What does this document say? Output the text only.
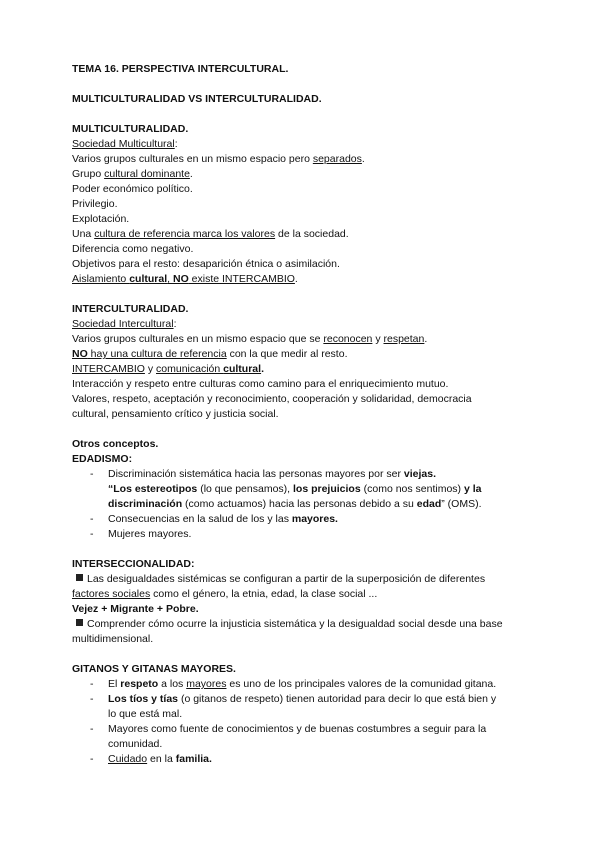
TEMA 16. PERSPECTIVA INTERCULTURAL.
MULTICULTURALIDAD VS INTERCULTURALIDAD.
MULTICULTURALIDAD.
Sociedad Multicultural:
Varios grupos culturales en un mismo espacio pero separados.
Grupo cultural dominante.
Poder económico político.
Privilegio.
Explotación.
Una cultura de referencia marca los valores de la sociedad.
Diferencia como negativo.
Objetivos para el resto: desaparición étnica o asimilación.
Aislamiento cultural, NO existe INTERCAMBIO.
INTERCULTURALIDAD.
Sociedad Intercultural:
Varios grupos culturales en un mismo espacio que se reconocen y respetan.
NO hay una cultura de referencia con la que medir al resto.
INTERCAMBIO y comunicación cultural.
Interacción y respeto entre culturas como camino para el enriquecimiento mutuo.
Valores, respeto, aceptación y reconocimiento, cooperación y solidaridad, democracia
cultural, pensamiento crítico y justicia social.
Otros conceptos.
EDADISMO:
- Discriminación sistemática hacia las personas mayores por ser viejas.
“Los estereotipos (lo que pensamos), los prejuicios (como nos sentimos) y la
discriminación (como actuamos) hacia las personas debido a su edad” (OMS).
- Consecuencias en la salud de los y las mayores.
- Mujeres mayores.
INTERSECCIONALIDAD:
Las desigualdades sistémicas se configuran a partir de la superposición de diferentes
factores sociales como el género, la etnia, edad, la clase social ...
Vejez + Migrante + Pobre.
Comprender cómo ocurre la injusticia sistemática y la desigualdad social desde una base
multidimensional.
GITANOS Y GITANAS MAYORES.
- El respeto a los mayores es uno de los principales valores de la comunidad gitana.
- Los tíos y tías (o gitanos de respeto) tienen autoridad para decir lo que está bien y
lo que está mal.
- Mayores como fuente de conocimientos y de buenas costumbres a seguir para la
comunidad.
- Cuidado en la familia.
